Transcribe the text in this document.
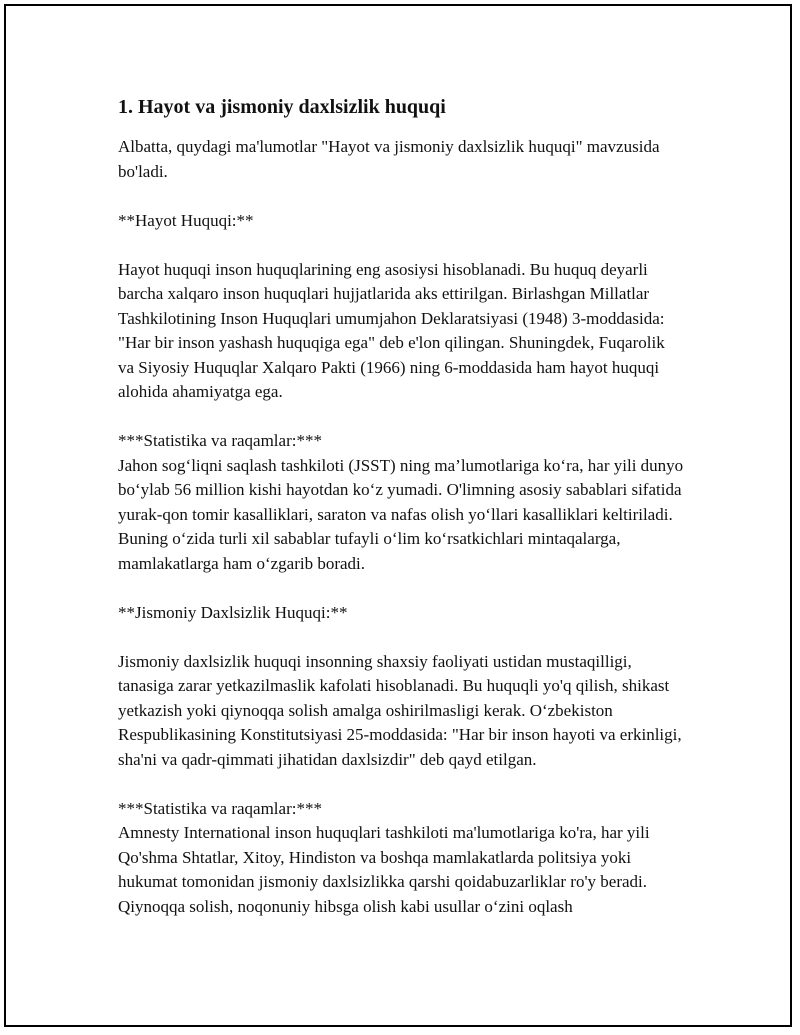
1. Hayot va jismoniy daxlsizlik huquqi

Albatta, quydagi ma'lumotlar "Hayot va jismoniy daxlsizlik huquqi" mavzusida bo'ladi.

**Hayot Huquqi:**

Hayot huquqi inson huquqlarining eng asosiysi hisoblanadi. Bu huquq deyarli barcha xalqaro inson huquqlari hujjatlarida aks ettirilgan. Birlashgan Millatlar Tashkilotining Inson Huquqlari umumjahon Deklaratsiyasi (1948) 3-moddasida: "Har bir inson yashash huquqiga ega" deb e'lon qilingan. Shuningdek, Fuqarolik va Siyosiy Huquqlar Xalqaro Pakti (1966) ning 6-moddasida ham hayot huquqi alohida ahamiyatga ega.

***Statistika va raqamlar:***

Jahon sog‘liqni saqlash tashkiloti (JSST) ning ma’lumotlariga ko‘ra, har yili dunyo bo‘ylab 56 million kishi hayotdan ko‘z yumadi. O'limning asosiy sabablari sifatida yurak-qon tomir kasalliklari, saraton va nafas olish yo‘llari kasalliklari keltiriladi. Buning o‘zida turli xil sabablar tufayli o‘lim ko‘rsatkichlari mintaqalarga, mamlakatlarga ham o‘zgarib boradi.

**Jismoniy Daxlsizlik Huquqi:**

Jismoniy daxlsizlik huquqi insonning shaxsiy faoliyati ustidan mustaqilligi, tanasiga zarar yetkazilmaslik kafolati hisoblanadi. Bu huquqli yo'q qilish, shikast yetkazish yoki qiynoqqa solish amalga oshirilmasligi kerak. O‘zbekiston Respublikasining Konstitutsiyasi 25-moddasida: "Har bir inson hayoti va erkinligi, sha'ni va qadr-qimmati jihatidan daxlsizdir" deb qayd etilgan.

***Statistika va raqamlar:***

Amnesty International inson huquqlari tashkiloti ma'lumotlariga ko'ra, har yili Qo'shma Shtatlar, Xitoy, Hindiston va boshqa mamlakatlarda politsiya yoki hukumat tomonidan jismoniy daxlsizlikka qarshi qoidabuzarliklar ro'y beradi. Qiynoqqa solish, noqonuniy hibsga olish kabi usullar o‘zini oqlash
